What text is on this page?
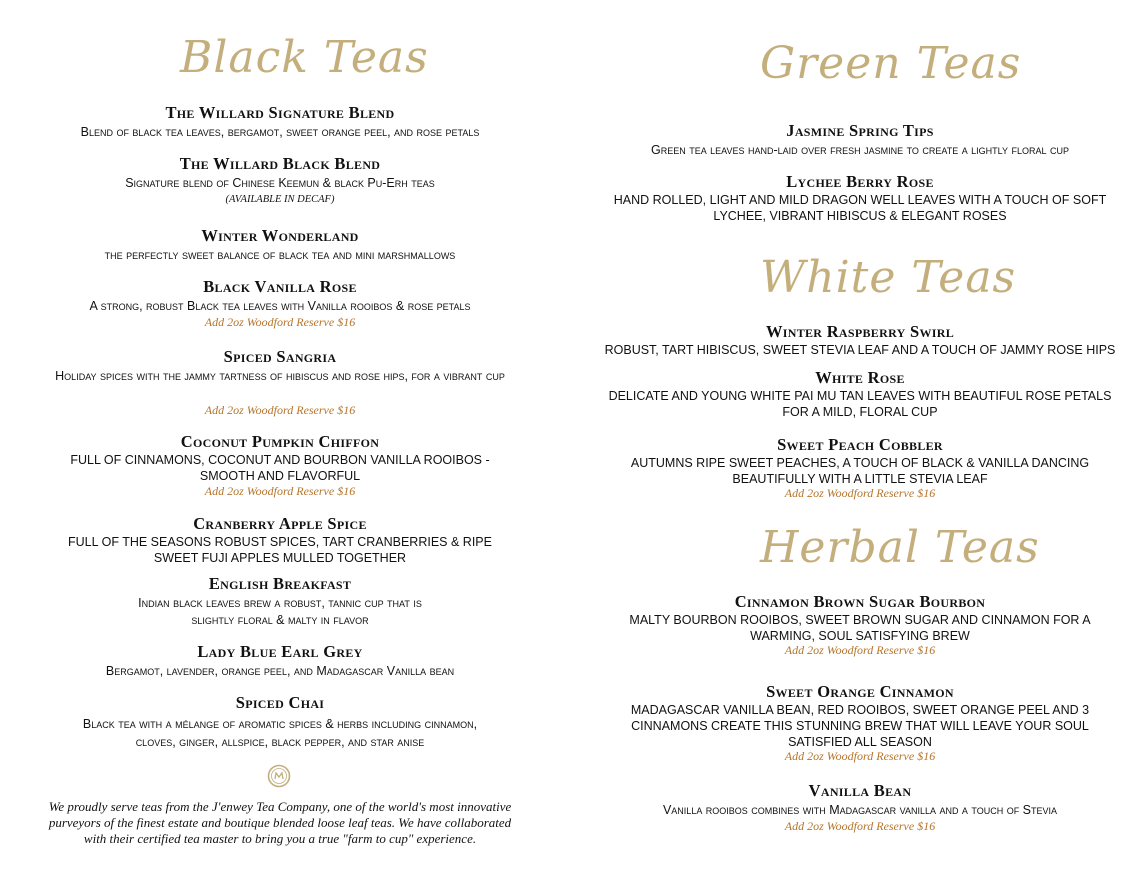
Black Teas	Green Teas
White Teas
Herbal Teas
The Willard Signature Blend
Blend of black tea leaves, bergamot, sweet orange peel, and rose petals
The Willard Black Blend
Signature blend of Chinese Keemun & black Pu-Erh teas
(AVAILABLE IN DECAF)
Winter Wonderland
the perfectly sweet balance of black tea and mini marshmallows
Black Vanilla Rose
A strong, robust Black tea leaves with Vanilla rooibos & rose petals
Add 2oz Woodford Reserve $16
Spiced Sangria
Holiday spices with the jammy tartness of hibiscus and rose hips, for a vibrant cup
Add 2oz Woodford Reserve $16
Coconut Pumpkin Chiffon
FULL OF CINNAMONS, COCONUT AND BOURBON VANILLA ROOIBOS - SMOOTH AND FLAVORFUL
Add 2oz Woodford Reserve $16
Cranberry Apple Spice
FULL OF THE SEASONS ROBUST SPICES, TART CRANBERRIES & RIPE SWEET FUJI APPLES MULLED TOGETHER
English Breakfast
Indian black leaves brew a robust, tannic cup that is slightly floral & malty in flavor
Lady Blue Earl Grey
Bergamot, lavender, orange peel, and Madagascar Vanilla bean
Spiced Chai
Black tea with a mélange of aromatic spices & herbs including cinnamon, cloves, ginger, allspice, black pepper, and star anise
We proudly serve teas from the J'enwey Tea Company, one of the world's most innovative purveyors of the finest estate and boutique blended loose leaf teas. We have collaborated with their certified tea master to bring you a true "farm to cup" experience.
Jasmine Spring Tips
Green tea leaves hand-laid over fresh jasmine to create a lightly floral cup
Lychee Berry Rose
HAND ROLLED, LIGHT AND MILD DRAGON WELL LEAVES WITH A TOUCH OF SOFT LYCHEE, VIBRANT HIBISCUS & ELEGANT ROSES
Winter Raspberry Swirl
ROBUST, TART HIBISCUS, SWEET STEVIA LEAF AND A TOUCH OF JAMMY ROSE HIPS
White Rose
DELICATE AND YOUNG WHITE PAI MU TAN LEAVES WITH BEAUTIFUL ROSE PETALS FOR A MILD, FLORAL CUP
Sweet Peach Cobbler
AUTUMNS RIPE SWEET PEACHES, A TOUCH OF BLACK & VANILLA DANCING BEAUTIFULLY WITH A LITTLE STEVIA LEAF
Add 2oz Woodford Reserve $16
Cinnamon Brown Sugar Bourbon
MALTY BOURBON ROOIBOS, SWEET BROWN SUGAR AND CINNAMON FOR A WARMING, SOUL SATISFYING BREW
Add 2oz Woodford Reserve $16
Sweet Orange Cinnamon
MADAGASCAR VANILLA BEAN, RED ROOIBOS, SWEET ORANGE PEEL AND 3 CINNAMONS CREATE THIS STUNNING BREW THAT WILL LEAVE YOUR SOUL SATISFIED ALL SEASON
Add 2oz Woodford Reserve $16
Vanilla Bean
Vanilla rooibos combines with Madagascar vanilla and a touch of Stevia
Add 2oz Woodford Reserve $16
